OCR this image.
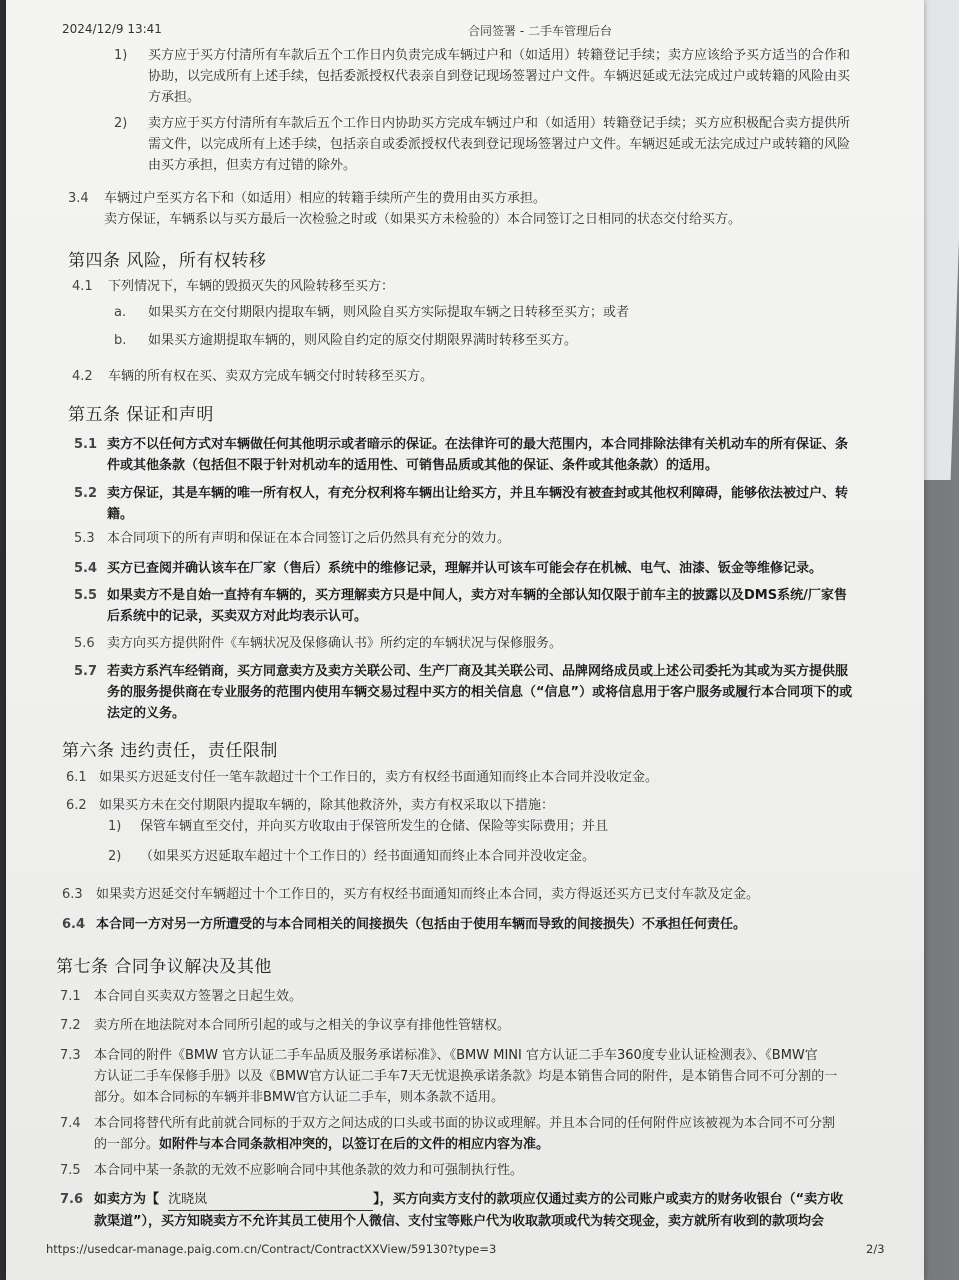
2024/12/9 13:41	合同签署 - 二手车管理后台
1) 买方应于买方付清所有车款后五个工作日内负责完成车辆过户和（如适用）转籍登记手续；卖方应该给予买方适当的合作和
协助，以完成所有上述手续，包括委派授权代表亲自到登记现场签署过户文件。车辆迟延或无法完成过户或转籍的风险由买
方承担。
2) 卖方应于买方付清所有车款后五个工作日内协助买方完成车辆过户和（如适用）转籍登记手续；买方应积极配合卖方提供所
需文件，以完成所有上述手续，包括亲自或委派授权代表到登记现场签署过户文件。车辆迟延或无法完成过户或转籍的风险
由买方承担，但卖方有过错的除外。
3.4 车辆过户至买方名下和（如适用）相应的转籍手续所产生的费用由买方承担。
卖方保证，车辆系以与买方最后一次检验之时或（如果买方未检验的）本合同签订之日相同的状态交付给买方。
第四条 风险，所有权转移
4.1 下列情况下，车辆的毁损灭失的风险转移至买方：
a. 如果买方在交付期限内提取车辆，则风险自买方实际提取车辆之日转移至买方；或者
b. 如果买方逾期提取车辆的，则风险自约定的原交付期限界满时转移至买方。
4.2 车辆的所有权在买、卖双方完成车辆交付时转移至买方。
第五条 保证和声明
5.1 卖方不以任何方式对车辆做任何其他明示或者暗示的保证。在法律许可的最大范围内，本合同排除法律有关机动车的所有保证、条
件或其他条款（包括但不限于针对机动车的适用性、可销售品质或其他的保证、条件或其他条款）的适用。
5.2 卖方保证，其是车辆的唯一所有权人，有充分权利将车辆出让给买方，并且车辆没有被查封或其他权利障碍，能够依法被过户、转
籍。
5.3 本合同项下的所有声明和保证在本合同签订之后仍然具有充分的效力。
5.4 买方已查阅并确认该车在厂家（售后）系统中的维修记录，理解并认可该车可能会存在机械、电气、油漆、钣金等维修记录。
5.5 如果卖方不是自始一直持有车辆的，买方理解卖方只是中间人，卖方对车辆的全部认知仅限于前车主的披露以及DMS系统/厂家售
后系统中的记录，买卖双方对此均表示认可。
5.6 卖方向买方提供附件《车辆状况及保修确认书》所约定的车辆状况与保修服务。
5.7 若卖方系汽车经销商，买方同意卖方及卖方关联公司、生产厂商及其关联公司、品牌网络成员或上述公司委托为其或为买方提供服
务的服务提供商在专业服务的范围内使用车辆交易过程中买方的相关信息（“信息”）或将信息用于客户服务或履行本合同项下的或
法定的义务。
第六条 违约责任，责任限制
6.1 如果买方迟延支付任一笔车款超过十个工作日的，卖方有权经书面通知而终止本合同并没收定金。
6.2 如果买方未在交付期限内提取车辆的，除其他救济外，卖方有权采取以下措施：
1) 保管车辆直至交付，并向买方收取由于保管所发生的仓储、保险等实际费用；并且
2) （如果买方迟延取车超过十个工作日的）经书面通知而终止本合同并没收定金。
6.3 如果卖方迟延交付车辆超过十个工作日的，买方有权经书面通知而终止本合同，卖方得返还买方已支付车款及定金。
6.4 本合同一方对另一方所遭受的与本合同相关的间接损失（包括由于使用车辆而导致的间接损失）不承担任何责任。
第七条 合同争议解决及其他
7.1 本合同自买卖双方签署之日起生效。
7.2 卖方所在地法院对本合同所引起的或与之相关的争议享有排他性管辖权。
7.3 本合同的附件《BMW 官方认证二手车品质及服务承诺标准》、《BMW MINI 官方认证二手车360度专业认证检测表》、《BMW官
方认证二手车保修手册》以及《BMW官方认证二手车7天无忧退换承诺条款》均是本销售合同的附件，是本销售合同不可分割的一
部分。如本合同标的车辆并非BMW官方认证二手车，则本条款不适用。
7.4 本合同将替代所有此前就合同标的于双方之间达成的口头或书面的协议或理解。并且本合同的任何附件应该被视为本合同不可分割
的一部分。如附件与本合同条款相冲突的，以签订在后的文件的相应内容为准。
7.5 本合同中某一条款的无效不应影响合同中其他条款的效力和可强制执行性。
7.6 如卖方为【 沈晓岚	】，买方向卖方支付的款项应仅通过卖方的公司账户或卖方的财务收银台（“卖方收
款渠道”），买方知晓卖方不允许其员工使用个人微信、支付宝等账户代为收取款项或代为转交现金，卖方就所有收到的款项均会
https://usedcar-manage.paig.com.cn/Contract/ContractXXView/59130?type=3	2/3
